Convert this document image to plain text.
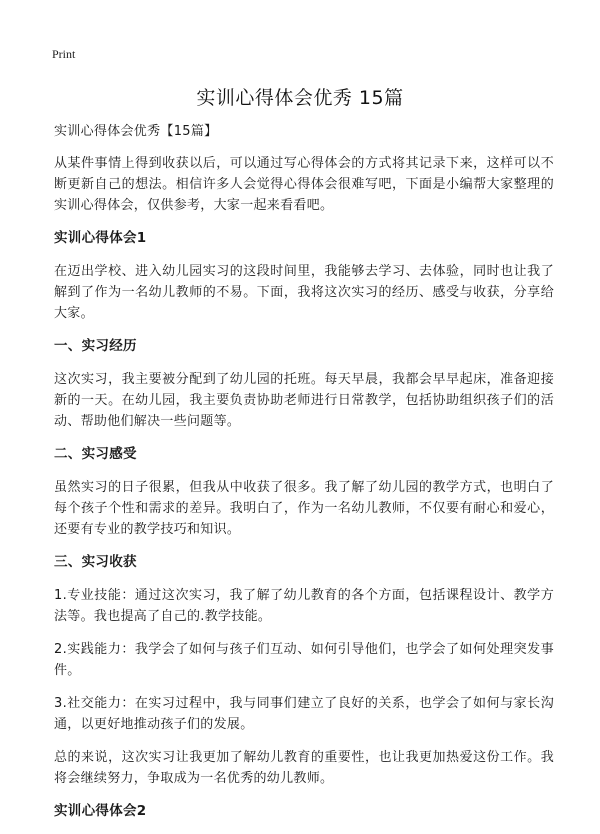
Print
实训心得体会优秀 15篇

实训心得体会优秀【15篇】

从某件事情上得到收获以后，可以通过写心得体会的方式将其记录下来，这样可以不断更新自己的想法。相信许多人会觉得心得体会很难写吧，下面是小编帮大家整理的实训心得体会，仅供参考，大家一起来看看吧。

实训心得体会1

在迈出学校、进入幼儿园实习的这段时间里，我能够去学习、去体验，同时也让我了解到了作为一名幼儿教师的不易。下面，我将这次实习的经历、感受与收获，分享给大家。

一、实习经历

这次实习，我主要被分配到了幼儿园的托班。每天早晨，我都会早早起床，准备迎接新的一天。在幼儿园，我主要负责协助老师进行日常教学，包括协助组织孩子们的活动、帮助他们解决一些问题等。

二、实习感受

虽然实习的日子很累，但我从中收获了很多。我了解了幼儿园的教学方式，也明白了每个孩子个性和需求的差异。我明白了，作为一名幼儿教师，不仅要有耐心和爱心，还要有专业的教学技巧和知识。

三、实习收获

1.专业技能：通过这次实习，我了解了幼儿教育的各个方面，包括课程设计、教学方法等。我也提高了自己的.教学技能。

2.实践能力：我学会了如何与孩子们互动、如何引导他们，也学会了如何处理突发事件。

3.社交能力：在实习过程中，我与同事们建立了良好的关系，也学会了如何与家长沟通，以更好地推动孩子们的发展。

总的来说，这次实习让我更加了解幼儿教育的重要性，也让我更加热爱这份工作。我将会继续努力，争取成为一名优秀的幼儿教师。

实训心得体会2
